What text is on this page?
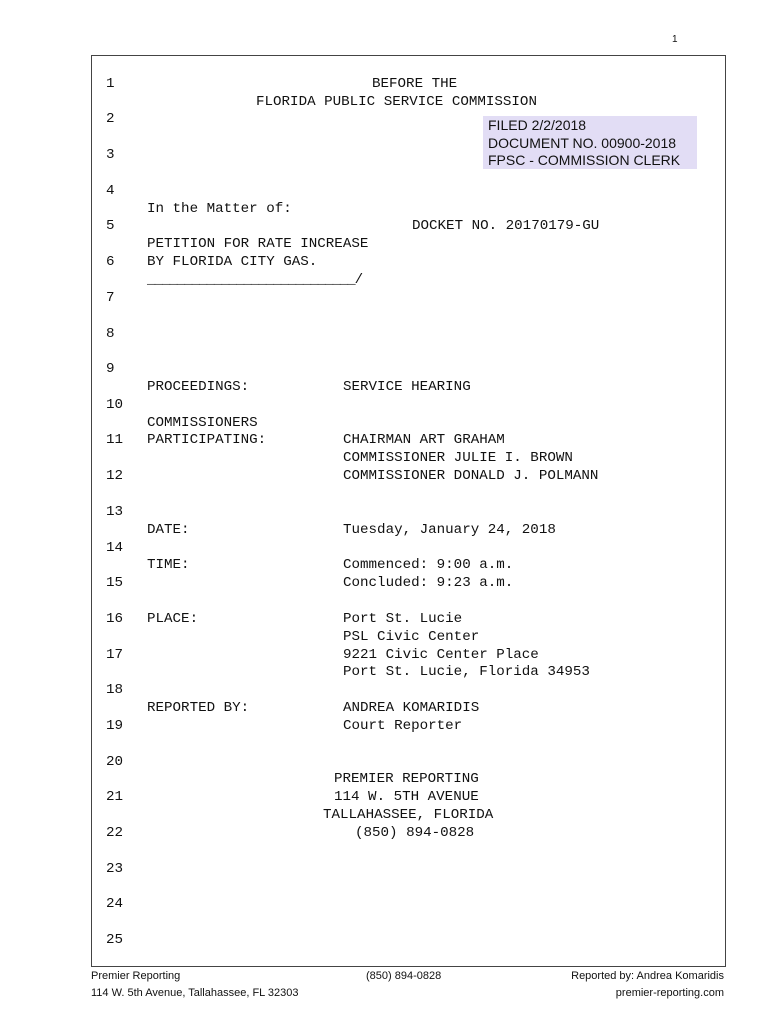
1
1
2
3
4
5
6
7
8
9
10
11
12
13
14
15
16
17
18
19
20
21
22
23
24
25
BEFORE THE
FLORIDA PUBLIC SERVICE COMMISSION
FILED 2/2/2018
DOCUMENT NO. 00900-2018
FPSC - COMMISSION CLERK
In the Matter of:
DOCKET NO. 20170179-GU
PETITION FOR RATE INCREASE
BY FLORIDA CITY GAS.
____________________________/
PROCEEDINGS:	SERVICE HEARING
COMMISSIONERS
PARTICIPATING:	CHAIRMAN ART GRAHAM
COMMISSIONER JULIE I. BROWN
COMMISSIONER DONALD J. POLMANN
DATE:	Tuesday, January 24, 2018
TIME:	Commenced: 9:00 a.m.
Concluded: 9:23 a.m.
PLACE:	Port St. Lucie
PSL Civic Center
9221 Civic Center Place
Port St. Lucie, Florida 34953
REPORTED BY:	ANDREA KOMARIDIS
Court Reporter
PREMIER REPORTING
114 W. 5TH AVENUE
TALLAHASSEE, FLORIDA
(850) 894-0828
Premier Reporting
114 W. 5th Avenue, Tallahassee, FL 32303
(850) 894-0828	Reported by: Andrea Komaridis
premier-reporting.com
